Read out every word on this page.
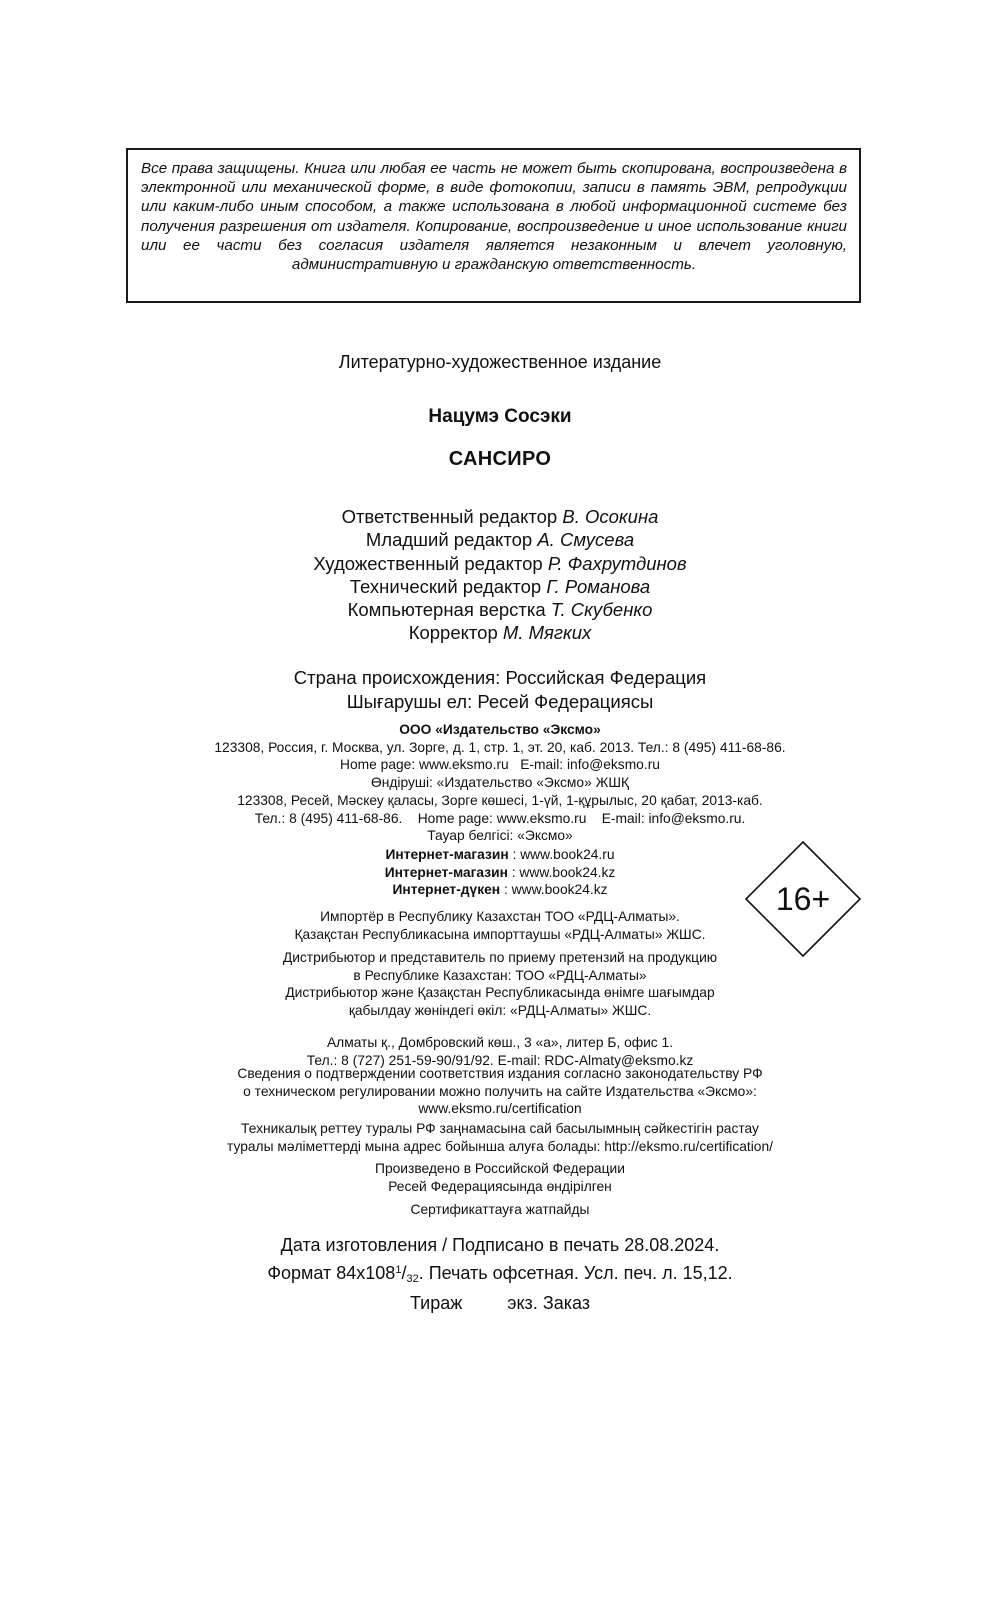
Все права защищены. Книга или любая ее часть не может быть скопирована, воспроизведена в электронной или механической форме, в виде фотокопии, записи в память ЭВМ, репродукции или каким-либо иным способом, а также использована в любой информационной системе без получения разрешения от издателя. Копирование, воспроизведение и иное использование книги или ее части без согласия издателя является незаконным и влечет уголовную, административную и гражданскую ответственность.

Литературно-художественное издание
Нацумэ Сосэки
САНСИРО
Ответственный редактор В. Осокина
Младший редактор А. Смусева
Художественный редактор Р. Фахрутдинов
Технический редактор Г. Романова
Компьютерная верстка Т. Скубенко
Корректор М. Мягких
Страна происхождения: Российская Федерация
Шығарушы ел: Ресей Федерациясы
ООО «Издательство «Эксмо»
123308, Россия, г. Москва, ул. Зорге, д. 1, стр. 1, эт. 20, каб. 2013. Тел.: 8 (495) 411-68-86.
Home page: www.eksmo.ru   E-mail: info@eksmo.ru
Өндіруші: «Издательство «Эксмо» ЖШҚ
123308, Ресей, Мәскеу қаласы, Зорге көшесі, 1-үй, 1-құрылыс, 20 қабат, 2013-каб.
Тел.: 8 (495) 411-68-86.    Home page: www.eksmo.ru    E-mail: info@eksmo.ru.
Тауар белгісі: «Эксмо»
Интернет-магазин : www.book24.ru
Интернет-магазин : www.book24.kz
Интернет-дүкен : www.book24.kz	16+
Импортёр в Республику Казахстан ТОО «РДЦ-Алматы».
Қазақстан Республикасына импорттаушы «РДЦ-Алматы» ЖШС.
Дистрибьютор и представитель по приему претензий на продукцию
в Республике Казахстан: ТОО «РДЦ-Алматы»
Дистрибьютор және Қазақстан Республикасында өнімге шағымдар
қабылдау жөніндегі өкіл: «РДЦ-Алматы» ЖШС.
Алматы қ., Домбровский көш., 3 «а», литер Б, офис 1.
Тел.: 8 (727) 251-59-90/91/92. E-mail: RDC-Almaty@eksmo.kz
Сведения о подтверждении соответствия издания согласно законодательству РФ
о техническом регулировании можно получить на сайте Издательства «Эксмо»:
www.eksmo.ru/certification
Техникалық реттеу туралы РФ заңнамасына сай басылымның сәйкестігін растау
туралы мәліметтерді мына адрес бойынша алуға болады: http://eksmo.ru/certification/
Произведено в Российской Федерации
Ресей Федерациясында өндірілген
Сертификаттауға жатпайды
Дата изготовления / Подписано в печать 28.08.2024.
Формат $84x108^1/_{32}$. Печать офсетная. Усл. печ. л. 15,12.
Тираж         экз. Заказ
